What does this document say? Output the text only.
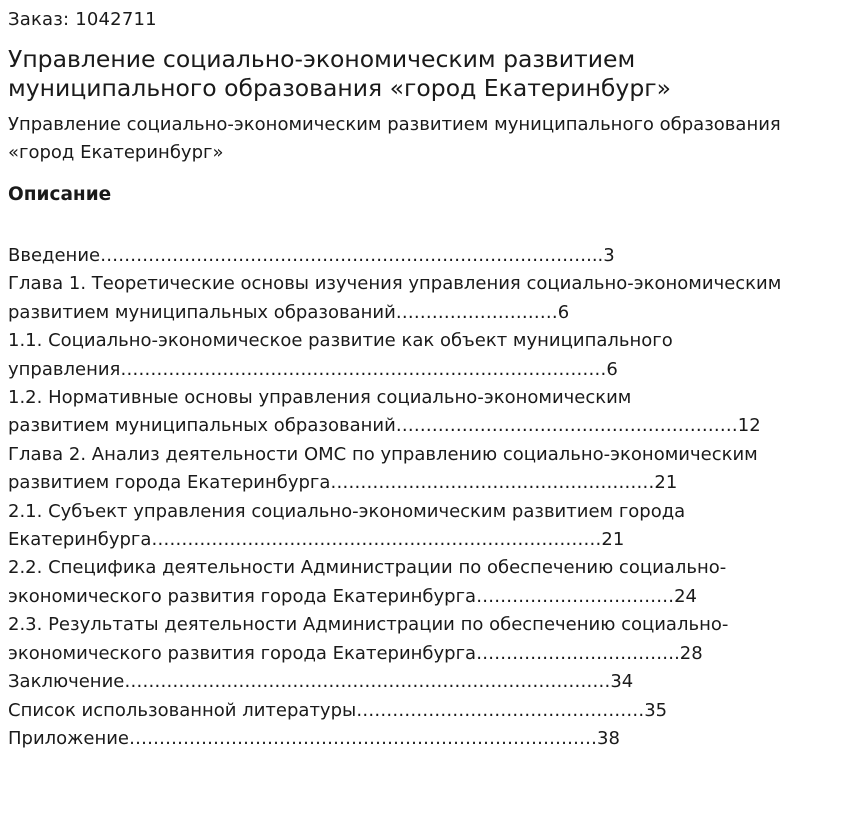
Заказ: 1042711

Управление социально-экономическим развитием муниципального образования «город Екатеринбург»

Управление социально-экономическим развитием муниципального образования «город Екатеринбург»

Описание
Введение………………………………………………………………………...3
Глава 1. Теоретические основы изучения управления социально-экономическим
развитием муниципальных образований………………………6
1.1. Социально-экономическое развитие как объект муниципального
управления………………………………………………………………………6
1.2. Нормативные основы управления социально-экономическим
развитием муниципальных образований…………………………………………………12
Глава 2. Анализ деятельности ОМС по управлению социально-экономическим
развитием города Екатеринбурга………………………………………………21
2.1. Субъект управления социально-экономическим развитием города
Екатеринбурга…………………………………………………………………21
2.2. Специфика деятельности Администрации по обеспечению социально-
экономического развития города Екатеринбурга……………………………24
2.3. Результаты деятельности Администрации по обеспечению социально-
экономического развития города Екатеринбурга…………………………….28
Заключение………………………………………………………………………34
Список использованной литературы…………………………………………35
Приложение……………………………………………………………………38
